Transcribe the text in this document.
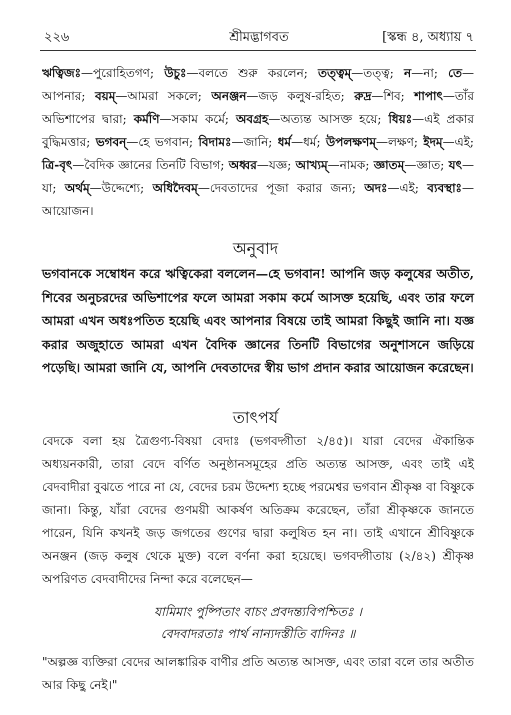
২২৬	শ্রীমদ্ভাগবত	[স্কন্ধ ৪, অধ্যায় ৭
ঋত্বিজঃ—পুরোহিতগণ; উচুঃ—বলতে শুরু করলেন; তত্ত্বম্—তত্ত্ব; ন—না; তে—আপনার; বয়ম্—আমরা সকলে; অনঞ্জন—জড় কলুষ-রহিত; রুদ্র—শিব; শাপাৎ—তাঁর অভিশাপের দ্বারা; কর্মণি—সকাম কর্মে; অবগ্রহ—অত্যন্ত আসক্ত হয়ে; ধিয়ঃ—এই প্রকার বুদ্ধিমত্তার; ভগবন্—হে ভগবান; বিদামঃ—জানি; ধর্ম—ধর্ম; উপলক্ষণম্—লক্ষণ; ইদম্—এই; ত্রি-বৃৎ—বৈদিক জ্ঞানের তিনটি বিভাগ; অধ্বর—যজ্ঞ; আখ্যম্—নামক; জ্ঞাতম্—জ্ঞাত; যৎ—যা; অর্থম্—উদ্দেশ্যে; অধিদৈবম্—দেবতাদের পূজা করার জন্য; অদঃ—এই; ব্যবস্থাঃ—আয়োজন।
অনুবাদ
ভগবানকে সম্বোধন করে ঋত্বিকেরা বললেন—হে ভগবান! আপনি জড় কলুষের অতীত, শিবের অনুচরদের অভিশাপের ফলে আমরা সকাম কর্মে আসক্ত হয়েছি, এবং তার ফলে আমরা এখন অধঃপতিত হয়েছি এবং আপনার বিষয়ে তাই আমরা কিছুই জানি না। যজ্ঞ করার অজুহাতে আমরা এখন বৈদিক জ্ঞানের তিনটি বিভাগের অনুশাসনে জড়িয়ে পড়েছি। আমরা জানি যে, আপনি দেবতাদের স্বীয় ভাগ প্রদান করার আয়োজন করেছেন।
তাৎপর্য
বেদকে বলা হয় ত্রৈগুণ্য-বিষয়া বেদাঃ (ভগবদ্গীতা ২/৪৫)। যারা বেদের ঐকান্তিক অধ্যয়নকারী, তারা বেদে বর্ণিত অনুষ্ঠানসমূহের প্রতি অত্যন্ত আসক্ত, এবং তাই এই বেদবাদীরা বুঝতে পারে না যে, বেদের চরম উদ্দেশ্য হচ্ছে পরমেশ্বর ভগবান শ্রীকৃষ্ণ বা বিষ্ণুকে জানা। কিন্তু, যাঁরা বেদের গুণময়ী আকর্ষণ অতিক্রম করেছেন, তাঁরা শ্রীকৃষ্ণকে জানতে পারেন, যিনি কখনই জড় জগতের গুণের দ্বারা কলুষিত হন না। তাই এখানে শ্রীবিষ্ণুকে অনঞ্জন (জড় কলুষ থেকে মুক্ত) বলে বর্ণনা করা হয়েছে। ভগবদ্গীতায় (২/৪২) শ্রীকৃষ্ণ অপরিণত বেদবাদীদের নিন্দা করে বলেছেন—
যামিমাং পুষ্পিতাং বাচং প্রবদন্ত্যবিপশ্চিতঃ ।
বেদবাদরতাঃ পার্থ নান্যদস্তীতি বাদিনঃ ॥
"অল্পজ্ঞ ব্যক্তিরা বেদের আলঙ্কারিক বাণীর প্রতি অত্যন্ত আসক্ত, এবং তারা বলে তার অতীত আর কিছু নেই।"
